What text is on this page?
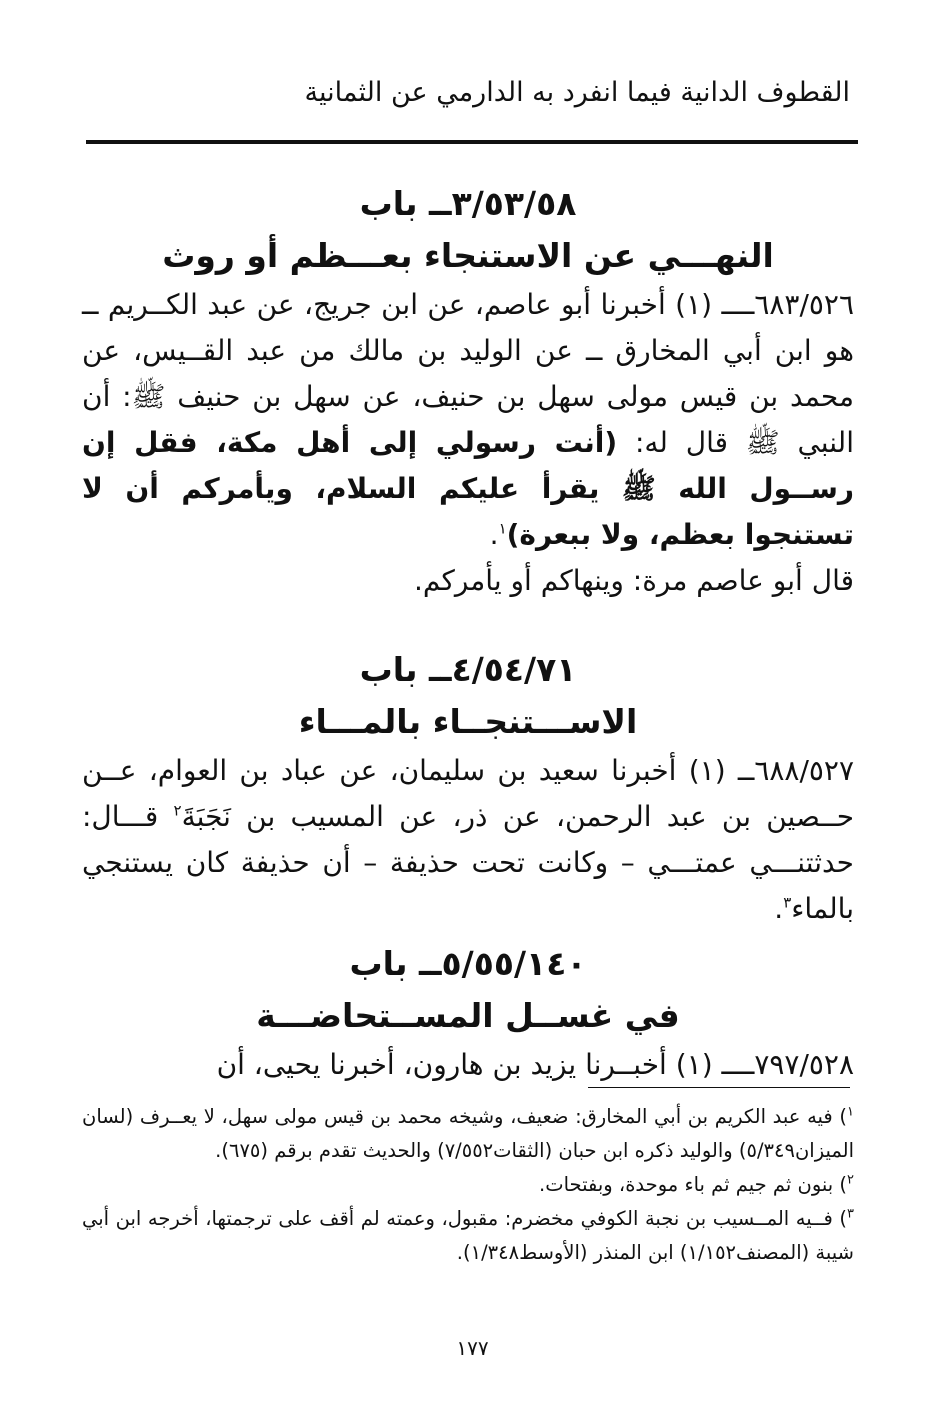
القطوف الدانية فيما انفرد به الدارمي عن الثمانية

٣/٥٣/٥٨ــ باب

النهـــي عن الاستنجاء بعـــظم أو روث

٦٨٣/٥٢٦ــــ (١) أخبرنا أبو عاصم، عن ابن جريج، عن عبد الكــريم ــ هو ابن أبي المخارق ــ عن الوليد بن مالك من عبد القــيس، عن محمد بن قيس مولى سهل بن حنيف، عن سهل بن حنيف ﷺ: أن النبي ﷺ قال له: (أنت رسولي إلى أهل مكة، فقل إن رســول الله ﷺ يقرأ عليكم السلام، ويأمركم أن لا تستنجوا بعظم، ولا ببعرة)$^١$.

قال أبو عاصم مرة: وينهاكم أو يأمركم.

٤/٥٤/٧١ــ باب

الاســـتنجــاء بالمـــاء

٦٨٨/٥٢٧ــ (١) أخبرنا سعيد بن سليمان، عن عباد بن العوام، عــن حــصين بن عبد الرحمن، عن ذر، عن المسيب بن نَجَبَةَ$^٢$ قـــال: حدثتنـــي عمتـــي – وكانت تحت حذيفة – أن حذيفة كان يستنجي بالماء$^٣$.

٥/٥٥/١٤٠ــ باب

في غســل المســتحاضـــة

٧٩٧/٥٢٨ــــ (١) أخبــرنا يزيد بن هارون، أخبرنا يحيى، أن

$^١$) فيه عبد الكريم بن أبي المخارق: ضعيف، وشيخه محمد بن قيس مولى سهل، لا يعــرف (لسان الميزان٥/٣٤٩) والوليد ذكره ابن حبان (الثقات٧/٥٥٢) والحديث تقدم برقم (٦٧٥).

$^٢$) بنون ثم جيم ثم باء موحدة، وبفتحات.

$^٣$) فــيه المــسيب بن نجبة الكوفي مخضرم: مقبول، وعمته لم أقف على ترجمتها، أخرجه ابن أبي شيبة (المصنف١/١٥٢) ابن المنذر (الأوسط١/٣٤٨).

١٧٧
